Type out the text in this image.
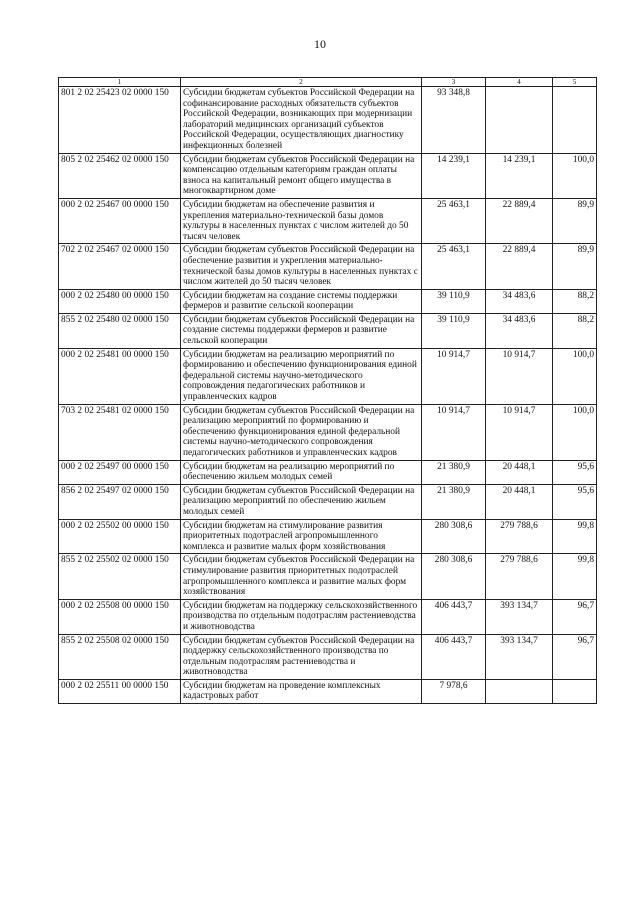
10
1	2	3	4	5
801 2 02 25423 02 0000 150	Субсидии бюджетам субъектов Российской Федерации на софинансирование расходных обязательств субъектов Российской Федерации, возникающих при модернизации лабораторий медицинских организаций субъектов Российской Федерации, осуществляющих диагностику инфекционных болезней	93 348,8		
805 2 02 25462 02 0000 150	Субсидии бюджетам субъектов Российской Федерации на компенсацию отдельным категориям граждан оплаты взноса на капитальный ремонт общего имущества в многоквартирном доме	14 239,1	14 239,1	100,0
000 2 02 25467 00 0000 150	Субсидии бюджетам на обеспечение развития и укрепления материально-технической базы домов культуры в населенных пунктах с числом жителей до 50 тысяч человек	25 463,1	22 889,4	89,9
702 2 02 25467 02 0000 150	Субсидии бюджетам субъектов Российской Федерации на обеспечение развития и укрепления материально-технической базы домов культуры в населенных пунктах с числом жителей до 50 тысяч человек	25 463,1	22 889,4	89,9
000 2 02 25480 00 0000 150	Субсидии бюджетам на создание системы поддержки фермеров и развитие сельской кооперации	39 110,9	34 483,6	88,2
855 2 02 25480 02 0000 150	Субсидии бюджетам субъектов Российской Федерации на создание системы поддержки фермеров и развитие сельской кооперации	39 110,9	34 483,6	88,2
000 2 02 25481 00 0000 150	Субсидии бюджетам на реализацию мероприятий по формированию и обеспечению функционирования единой федеральной системы научно-методического сопровождения педагогических работников и управленческих кадров	10 914,7	10 914,7	100,0
703 2 02 25481 02 0000 150	Субсидии бюджетам субъектов Российской Федерации на реализацию мероприятий по формированию и обеспечению функционирования единой федеральной системы научно-методического сопровождения педагогических работников и управленческих кадров	10 914,7	10 914,7	100,0
000 2 02 25497 00 0000 150	Субсидии бюджетам на реализацию мероприятий по обеспечению жильем молодых семей	21 380,9	20 448,1	95,6
856 2 02 25497 02 0000 150	Субсидии бюджетам субъектов Российской Федерации на реализацию мероприятий по обеспечению жильем молодых семей	21 380,9	20 448,1	95,6
000 2 02 25502 00 0000 150	Субсидии бюджетам на стимулирование развития приоритетных подотраслей агропромышленного комплекса и развитие малых форм хозяйствования	280 308,6	279 788,6	99,8
855 2 02 25502 02 0000 150	Субсидии бюджетам субъектов Российской Федерации на стимулирование развития приоритетных подотраслей агропромышленного комплекса и развитие малых форм хозяйствования	280 308,6	279 788,6	99,8
000 2 02 25508 00 0000 150	Субсидии бюджетам на поддержку сельскохозяйственного производства по отдельным подотраслям растениеводства и животноводства	406 443,7	393 134,7	96,7
855 2 02 25508 02 0000 150	Субсидии бюджетам субъектов Российской Федерации на поддержку сельскохозяйственного производства по отдельным подотраслям растениеводства и животноводства	406 443,7	393 134,7	96,7
000 2 02 25511 00 0000 150	Субсидии бюджетам на проведение комплексных кадастровых работ	7 978,6		
